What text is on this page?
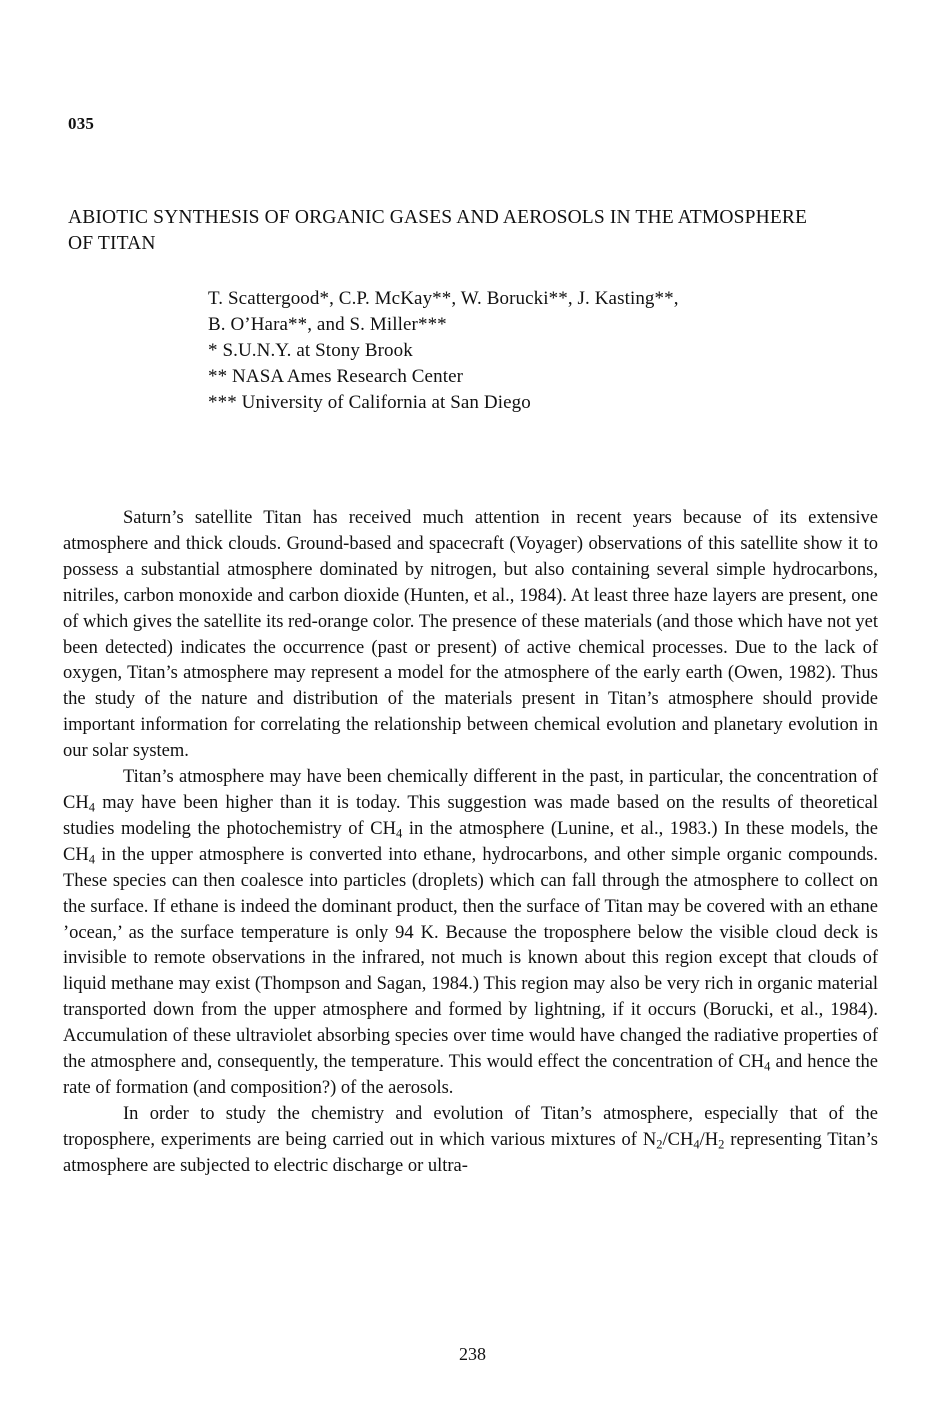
035
ABIOTIC SYNTHESIS OF ORGANIC GASES AND AEROSOLS IN THE ATMOSPHERE
OF TITAN
T. Scattergood*, C.P. McKay**, W. Borucki**, J. Kasting**,
B. O’Hara**, and S. Miller***
* S.U.N.Y. at Stony Brook
** NASA Ames Research Center
*** University of California at San Diego

Saturn’s satellite Titan has received much attention in recent years because of its extensive atmosphere and thick clouds. Ground-based and spacecraft (Voyager) observations of this satellite show it to possess a substantial atmosphere dominated by nitrogen, but also containing several simple hydrocarbons, nitriles, carbon monoxide and carbon dioxide (Hunten, et al., 1984). At least three haze layers are present, one of which gives the satellite its red-orange color. The presence of these materials (and those which have not yet been detected) indicates the occurrence (past or present) of active chemical processes. Due to the lack of oxygen, Titan’s atmosphere may represent a model for the atmosphere of the early earth (Owen, 1982). Thus the study of the nature and distribution of the materials present in Titan’s atmosphere should provide important information for correlating the relationship between chemical evolution and planetary evolution in our solar system.

Titan’s atmosphere may have been chemically different in the past, in particular, the concentration of $CH_4$ may have been higher than it is today. This suggestion was made based on the results of theoretical studies modeling the photochemistry of $CH_4$ in the atmosphere (Lunine, et al., 1983.) In these models, the $CH_4$ in the upper atmosphere is converted into ethane, hydrocarbons, and other simple organic compounds. These species can then coalesce into particles (droplets) which can fall through the atmosphere to collect on the surface. If ethane is indeed the dominant product, then the surface of Titan may be covered with an ethane ’ocean,’ as the surface temperature is only 94 K. Because the troposphere below the visible cloud deck is invisible to remote observations in the infrared, not much is known about this region except that clouds of liquid methane may exist (Thompson and Sagan, 1984.) This region may also be very rich in organic material transported down from the upper atmosphere and formed by lightning, if it occurs (Borucki, et al., 1984). Accumulation of these ultraviolet absorbing species over time would have changed the radiative properties of the atmosphere and, consequently, the temperature. This would effect the concentration of $CH_4$ and hence the rate of formation (and composition?) of the aerosols.

In order to study the chemistry and evolution of Titan’s atmosphere, especially that of the troposphere, experiments are being carried out in which various mixtures of $N_2/CH_4/H_2$ representing Titan’s atmosphere are subjected to electric discharge or ultra-

238
